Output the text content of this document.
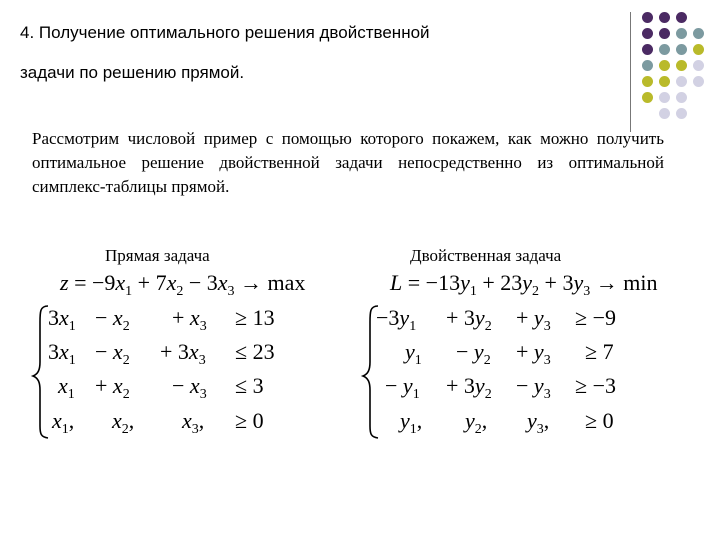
4. Получение оптимального решения двойственной
задачи по решению прямой.
Рассмотрим числовой пример с помощью которого покажем, как можно получить оптимальное решение двойственной задачи непосредственно из оптимальной симплекс-таблицы прямой.
Прямая задача	Двойственная задача
$z = -9x_1 + 7x_2 - 3x_3 \to \max$
$3x_1 - x_2 + x_3 \ge 13$
$3x_1 - x_2 + 3x_3 \le 23$
$x_1 + x_2 - x_3 \le 3$
$x_1$, $x_2$, $x_3$, ≥ 0
$L = -13y_1 + 23y_2 + 3y_3 \to \min$
$-3y_1 + 3y_2 + y_3 \ge -9$
$y_1 - y_2 + y_3 \ge 7$
− $y_1 + 3y_2 - y_3 \ge -3$
$y_1$, $y_2$, $y_3$, ≥ 0
